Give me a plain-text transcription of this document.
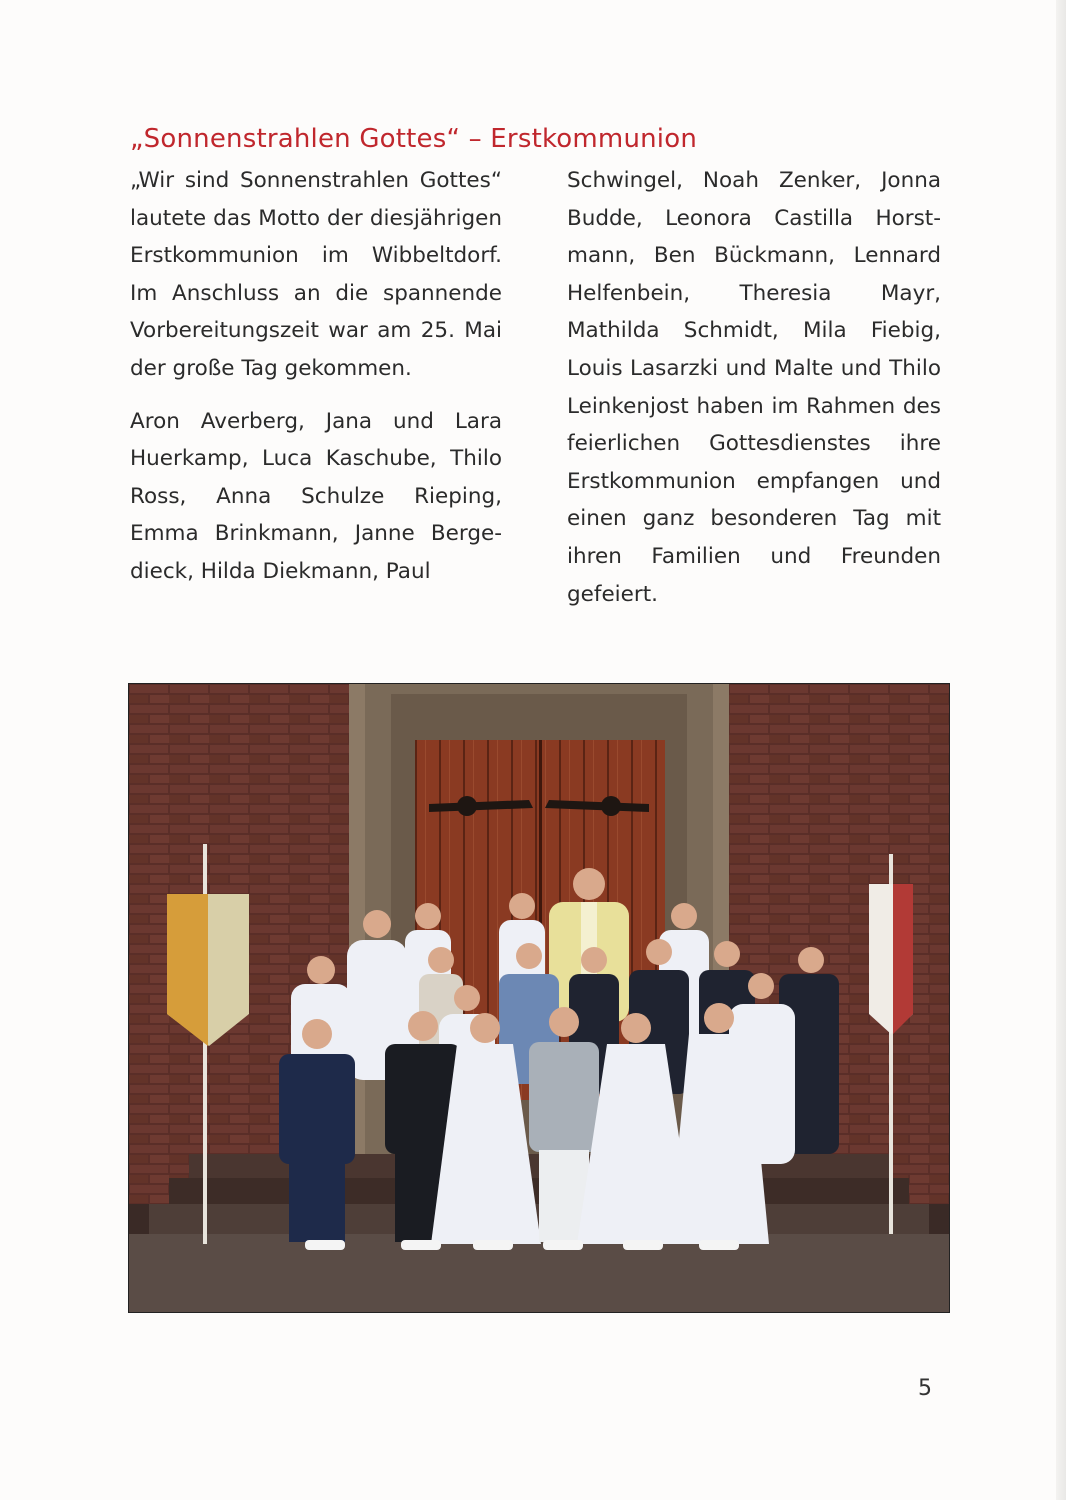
„Sonnenstrahlen Gottes“ – Erstkommunion

„Wir sind Sonnenstrahlen Gottes“ lautete das Motto der diesjährigen Erstkommunion im Wibbeltdorf. Im Anschluss an die spannende Vorbereitungszeit war am 25. Mai der große Tag gekommen.

Aron Averberg, Jana und Lara Huerkamp, Luca Kaschube, Thilo Ross, Anna Schulze Rieping, Emma Brinkmann, Janne Bergedieck, Hilda Diekmann, Paul

Schwingel, Noah Zenker, Jonna Budde, Leonora Castilla Horstmann, Ben Bückmann, Lennard Helfenbein, Theresia Mayr, Mathilda Schmidt, Mila Fiebig, Louis Lasarzki und Malte und Thilo Leinkenjost haben im Rahmen des feierlichen Gottesdienstes ihre Erstkommunion empfangen und einen ganz besonderen Tag mit ihren Familien und Freunden gefeiert.

5
